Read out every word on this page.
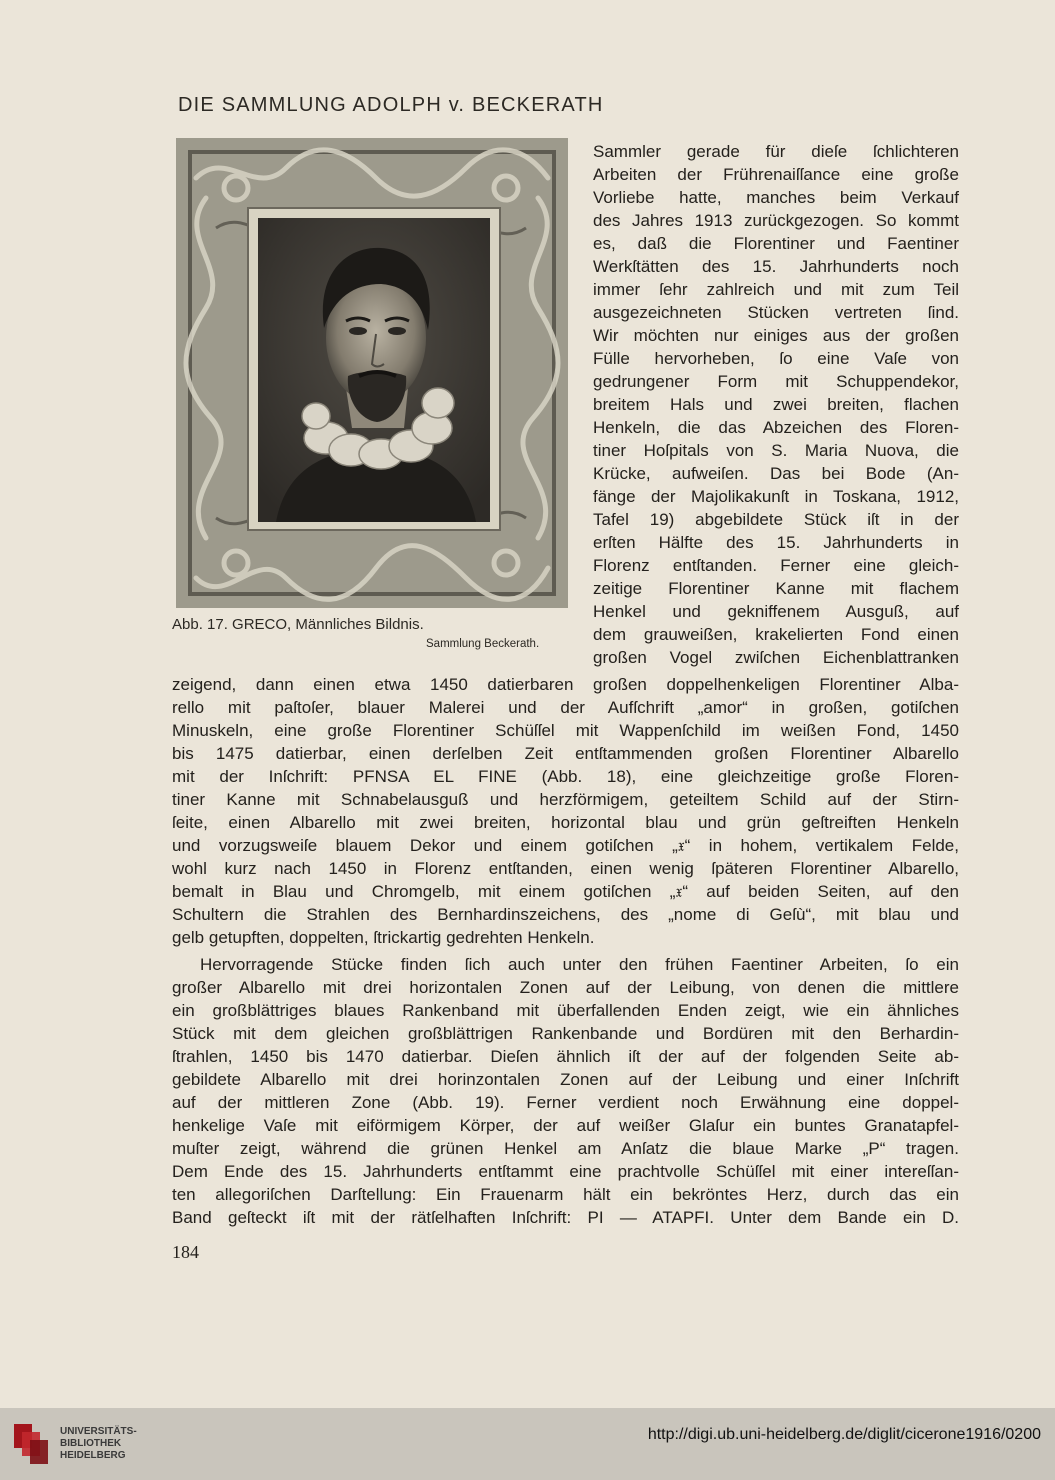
DIE SAMMLUNG ADOLPH v. BECKERATH
Abb. 17. GRECO, Männliches Bildnis.
Sammlung Beckerath.
Sammler gerade für dieſe ſchlichteren
Arbeiten der Frührenaiſſance eine große
Vorliebe hatte, manches beim Verkauf
des Jahres 1913 zurückgezogen. So kommt
es, daß die Florentiner und Faentiner
Werkſtätten des 15. Jahrhunderts noch
immer ſehr zahlreich und mit zum Teil
ausgezeichneten Stücken vertreten ſind.
Wir möchten nur einiges aus der großen
Fülle hervorheben, ſo eine Vaſe von
gedrungener Form mit Schuppendekor,
breitem Hals und zwei breiten, flachen
Henkeln, die das Abzeichen des Floren-
tiner Hoſpitals von S. Maria Nuova, die
Krücke, aufweiſen. Das bei Bode (An-
fänge der Majolikakunſt in Toskana, 1912,
Tafel 19) abgebildete Stück iſt in der
erſten Hälfte des 15. Jahrhunderts in
Florenz entſtanden. Ferner eine gleich-
zeitige Florentiner Kanne mit flachem
Henkel und gekniffenem Ausguß, auf
dem grauweißen, krakelierten Fond einen
großen Vogel zwiſchen Eichenblattranken
zeigend, dann einen etwa 1450 datierbaren großen doppelhenkeligen Florentiner Alba-
rello mit paſtoſer, blauer Malerei und der Aufſchrift „amor“ in großen, gotiſchen
Minuskeln, eine große Florentiner Schüſſel mit Wappenſchild im weißen Fond, 1450
bis 1475 datierbar, einen derſelben Zeit entſtammenden großen Florentiner Albarello
mit der Inſchrift: PFNSA EL FINE (Abb. 18), eine gleichzeitige große Floren-
tiner Kanne mit Schnabelausguß und herzförmigem, geteiltem Schild auf der Stirn-
ſeite, einen Albarello mit zwei breiten, horizontal blau und grün geſtreiften Henkeln
und vorzugsweiſe blauem Dekor und einem gotiſchen „𝔵“ in hohem, vertikalem Felde,
wohl kurz nach 1450 in Florenz entſtanden, einen wenig ſpäteren Florentiner Albarello,
bemalt in Blau und Chromgelb, mit einem gotiſchen „𝔵“ auf beiden Seiten, auf den
Schultern die Strahlen des Bernhardinszeichens, des „nome di Geſù“, mit blau und
gelb getupften, doppelten, ſtrickartig gedrehten Henkeln.
Hervorragende Stücke finden ſich auch unter den frühen Faentiner Arbeiten, ſo ein
großer Albarello mit drei horizontalen Zonen auf der Leibung, von denen die mittlere
ein großblättriges blaues Rankenband mit überfallenden Enden zeigt, wie ein ähnliches
Stück mit dem gleichen großblättrigen Rankenbande und Bordüren mit den Berhardin-
ſtrahlen, 1450 bis 1470 datierbar. Dieſen ähnlich iſt der auf der folgenden Seite ab-
gebildete Albarello mit drei horinzontalen Zonen auf der Leibung und einer Inſchrift
auf der mittleren Zone (Abb. 19). Ferner verdient noch Erwähnung eine doppel-
henkelige Vaſe mit eiförmigem Körper, der auf weißer Glaſur ein buntes Granatapfel-
muſter zeigt, während die grünen Henkel am Anſatz die blaue Marke „P“ tragen.
Dem Ende des 15. Jahrhunderts entſtammt eine prachtvolle Schüſſel mit einer intereſſan-
ten allegoriſchen Darſtellung: Ein Frauenarm hält ein bekröntes Herz, durch das ein
Band geſteckt iſt mit der rätſelhaften Inſchrift: PI — ATAPFI. Unter dem Bande ein D.
184
UNIVERSITÄTS-
BIBLIOTHEK
HEIDELBERG
http://digi.ub.uni-heidelberg.de/diglit/cicerone1916/0200
